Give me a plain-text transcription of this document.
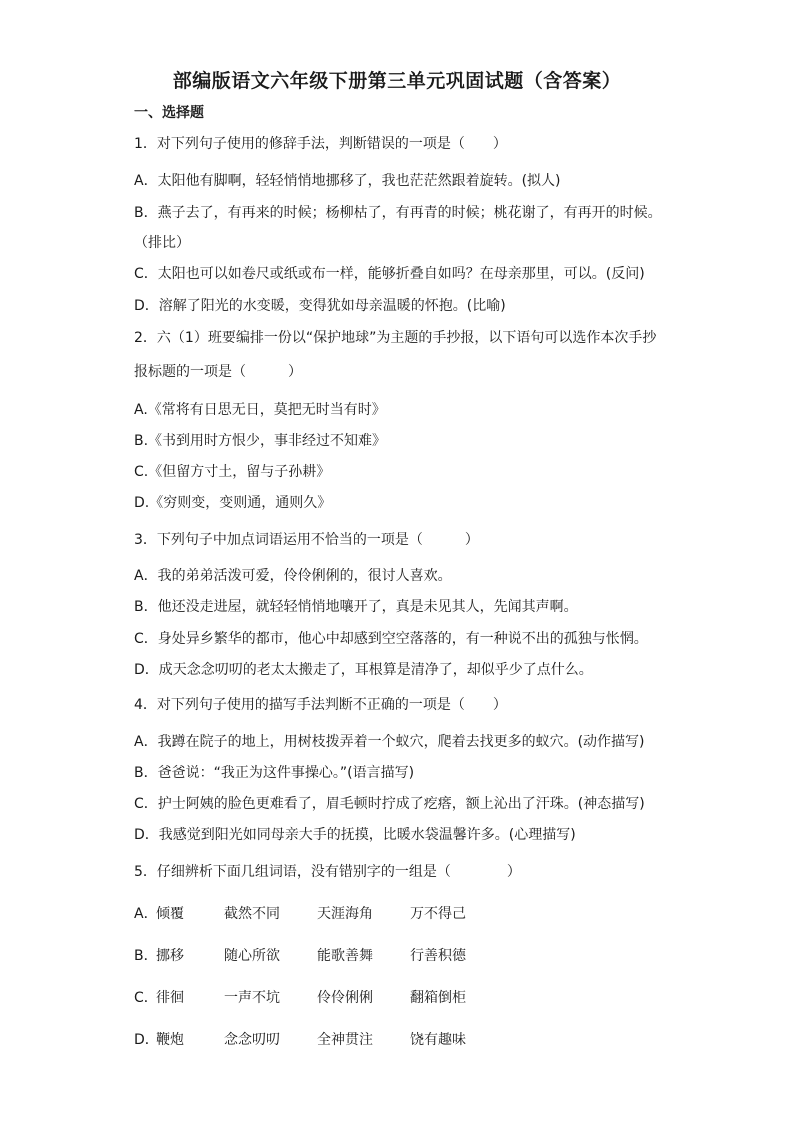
部编版语文六年级下册第三单元巩固试题（含答案）
一、选择题
1．对下列句子使用的修辞手法，判断错误的一项是（　　）
A．太阳他有脚啊，轻轻悄悄地挪移了，我也茫茫然跟着旋转。(拟人)
B．燕子去了，有再来的时候；杨柳枯了，有再青的时候；桃花谢了，有再开的时候。
（排比）
C．太阳也可以如卷尺或纸或布一样，能够折叠自如吗？在母亲那里，可以。(反问)
D．溶解了阳光的水变暖，变得犹如母亲温暖的怀抱。(比喻)
2．六（1）班要编排一份以“保护地球”为主题的手抄报，以下语句可以选作本次手抄
报标题的一项是（　　　）
A.《常将有日思无日，莫把无时当有时》
B.《书到用时方恨少，事非经过不知难》
C.《但留方寸土，留与子孙耕》
D.《穷则变，变则通，通则久》
3．下列句子中加点词语运用不恰当的一项是（　　　）
A．我的弟弟活泼可爱，伶伶俐俐的，很讨人喜欢。
B．他还没走进屋，就轻轻悄悄地嚷开了，真是未见其人，先闻其声啊。
C．身处异乡繁华的都市，他心中却感到空空落落的，有一种说不出的孤独与怅惘。
D．成天念念叨叨的老太太搬走了，耳根算是清净了，却似乎少了点什么。
4．对下列句子使用的描写手法判断不正确的一项是（　　）
A．我蹲在院子的地上，用树枝拨弄着一个蚁穴，爬着去找更多的蚁穴。(动作描写)
B．爸爸说：“我正为这件事操心。”(语言描写)
C．护士阿姨的脸色更难看了，眉毛顿时拧成了疙瘩，额上沁出了汗珠。(神态描写)
D．我感觉到阳光如同母亲大手的抚摸，比暖水袋温馨许多。(心理描写)
5．仔细辨析下面几组词语，没有错别字的一组是（　　　　）
A．
倾覆	截然不同	天涯海角	万不得己
B．
挪移	随心所欲	能歌善舞	行善积德
C．
徘徊	一声不坑	伶伶俐俐	翻箱倒柜
D．
鞭炮	念念叨叨	全神贯注	饶有趣味
